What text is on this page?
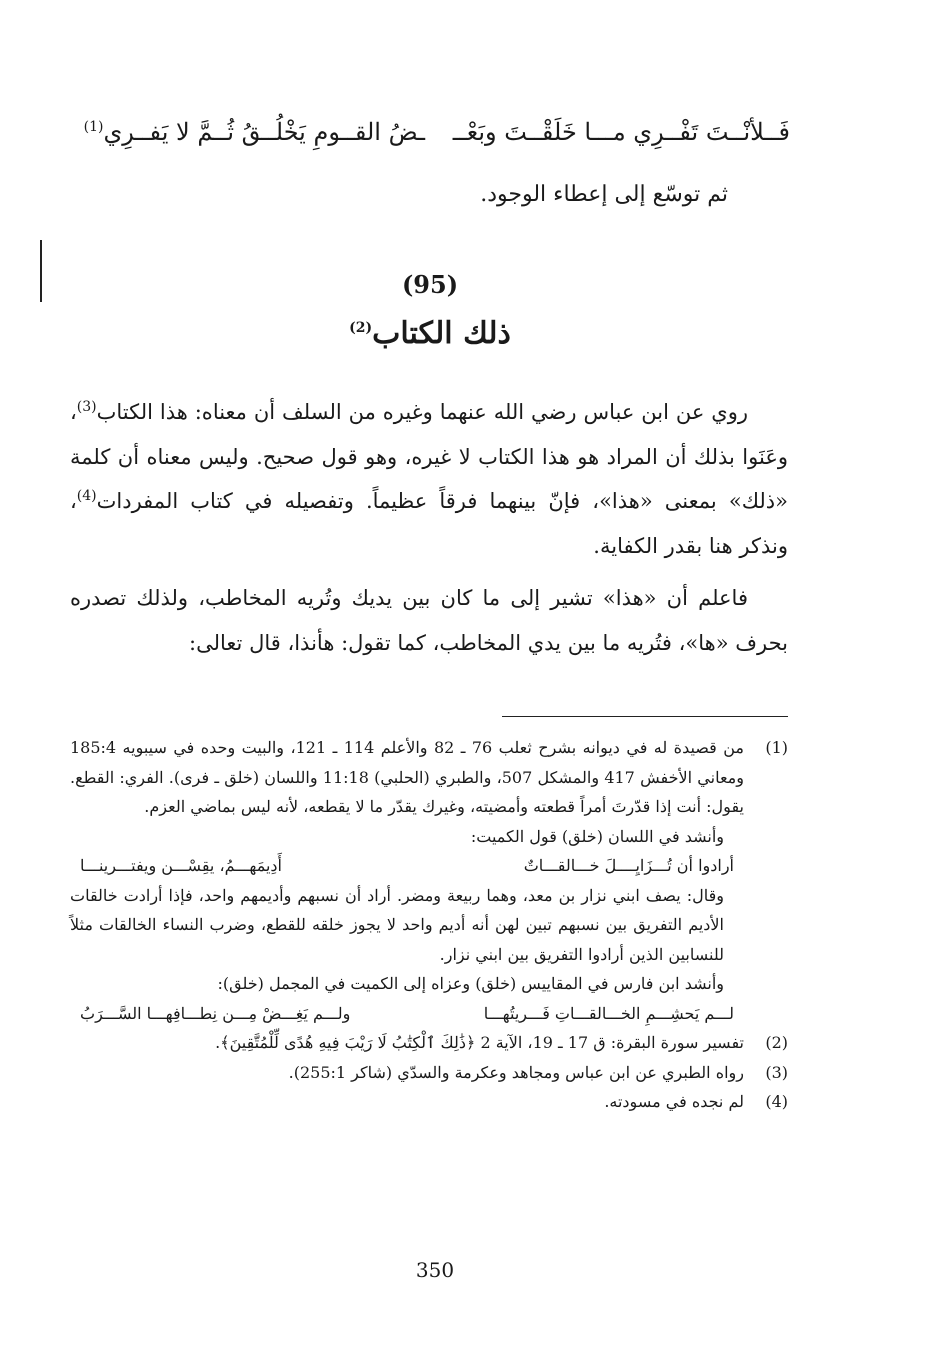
فَــلأنْــتَ تَفْــرِي مـــا خَلَقْــتَ وبَعْــ
ـضُ القــومِ يَخْلُــقُ ثُــمَّ لا يَفــرِي$^{(1)}$
ثم توسّع إلى إعطاء الوجود.
(95)
ذلك الكتاب$^{(2)}$

روي عن ابن عباس رضي الله عنهما وغيره من السلف أن معناه: هذا الكتاب$^{(3)}$، وعَنَوا بذلك أن المراد هو هذا الكتاب لا غيره، وهو قول صحيح. وليس معناه أن كلمة «ذلك» بمعنى «هذا»، فإنّ بينهما فرقاً عظيماً. وتفصيله في كتاب المفردات$^{(4)}$، ونذكر هنا بقدر الكفاية.

فاعلم أن «هذا» تشير إلى ما كان بين يديك وتُريه المخاطب، ولذلك تصدره بحرف «ها»، فتُريه ما بين يدي المخاطب، كما تقول: هأنذا، قال تعالى:

(1)
من قصيدة له في ديوانه بشرح ثعلب 76 ـ 82 والأعلم 114 ـ 121، والبيت وحده في سيبويه 185:4 ومعاني الأخفش 417 والمشكل 507، والطبري (الحلبي) 11:18 واللسان (خلق ـ فرى). الفري: القطع. يقول: أنت إذا قدّرتَ أمراً قطعته وأمضيته، وغيرك يقدّر ما لا يقطعه، لأنه ليس بماضي العزم.
وأنشد في اللسان (خلق) قول الكميت:
أرادوا أن تُـــزَايِــــلَ خـــالقـــاتٌ
أَدِيمَهـــمُ، يقِسْـــن ويفتـــرينـــا
وقال: يصف ابني نزار بن معد، وهما ربيعة ومضر. أراد أن نسبهم وأديمهم واحد، فإذا أرادت خالقات الأديم التفريق بين نسبهم تبين لهن أنه أديم واحد لا يجوز خلقه للقطع، وضرب النساء الخالقات مثلاً للنسابين الذين أرادوا التفريق بين ابني نزار.
وأنشد ابن فارس في المقاييس (خلق) وعزاه إلى الكميت في المجمل (خلق):
لـــم يَحشِـــمِ الخـــالقـــاتِ فَـــريتُهـــا
ولـــم يَغِـــضْ مِـــن نِطـــافِهـــا السَّـــرَبُ
(2)
تفسير سورة البقرة: ق 17 ـ 19، الآية 2 ﴿ذَٰلِكَ ٱلْكِتَٰبُ لَا رَيْبَ فِيهِ هُدًى لِّلْمُتَّقِينَ﴾.
(3)
رواه الطبري عن ابن عباس ومجاهد وعكرمة والسدّي (شاكر 255:1).
(4)
لم نجده في مسودته.
350
